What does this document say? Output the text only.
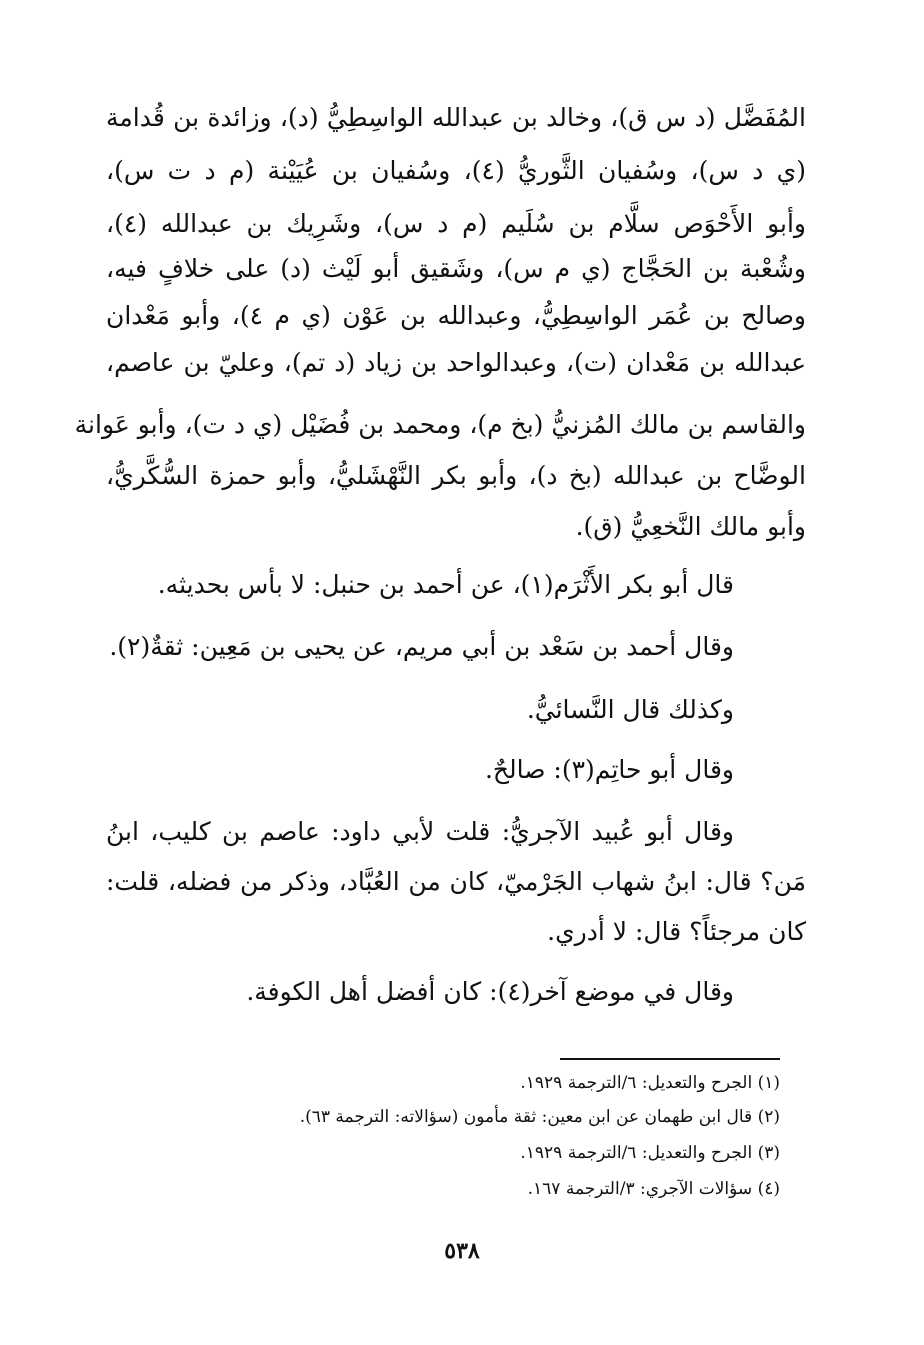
المُفَضَّل (د س ق)، وخالد بن عبدالله الواسِطِيُّ (د)، وزائدة بن قُدامة
(ي د س)، وسُفيان الثَّوريُّ (٤)، وسُفيان بن عُيَيْنة (م د ت س)،
وأبو الأَحْوَص سلَّام بن سُلَيم (م د س)، وشَرِيك بن عبدالله (٤)،
وشُعْبة بن الحَجَّاج (ي م س)، وشَقيق أبو لَيْث (د) على خلافٍ فيه،
وصالح بن عُمَر الواسِطِيُّ، وعبدالله بن عَوْن (ي م ٤)، وأبو مَعْدان
عبدالله بن مَعْدان (ت)، وعبدالواحد بن زياد (د تم)، وعليّ بن عاصم،
والقاسم بن مالك المُزنيُّ (بخ م)، ومحمد بن فُضَيْل (ي د ت)، وأبو عَوانة
الوضَّاح بن عبدالله (بخ د)، وأبو بكر النَّهْشَليُّ، وأبو حمزة السُّكَّريُّ،
وأبو مالك النَّخعِيُّ (ق).
قال أبو بكر الأَثْرَم(١)، عن أحمد بن حنبل: لا بأس بحديثه.
وقال أحمد بن سَعْد بن أبي مريم، عن يحيى بن مَعِين: ثقةٌ(٢).
وكذلك قال النَّسائيُّ.
وقال أبو حاتِم(٣): صالحٌ.
وقال أبو عُبيد الآجريُّ: قلت لأبي داود: عاصم بن كليب، ابنُ
مَن؟ قال: ابنُ شهاب الجَرْميّ، كان من العُبَّاد، وذكر من فضله، قلت:
كان مرجئاً؟ قال: لا أدري.
وقال في موضع آخر(٤): كان أفضل أهل الكوفة.
(١) الجرح والتعديل: ٦/الترجمة ١٩٢٩.
(٢) قال ابن طهمان عن ابن معين: ثقة مأمون (سؤالاته: الترجمة ٦٣).
(٣) الجرح والتعديل: ٦/الترجمة ١٩٢٩.
(٤) سؤالات الآجري: ٣/الترجمة ١٦٧.
٥٣٨
